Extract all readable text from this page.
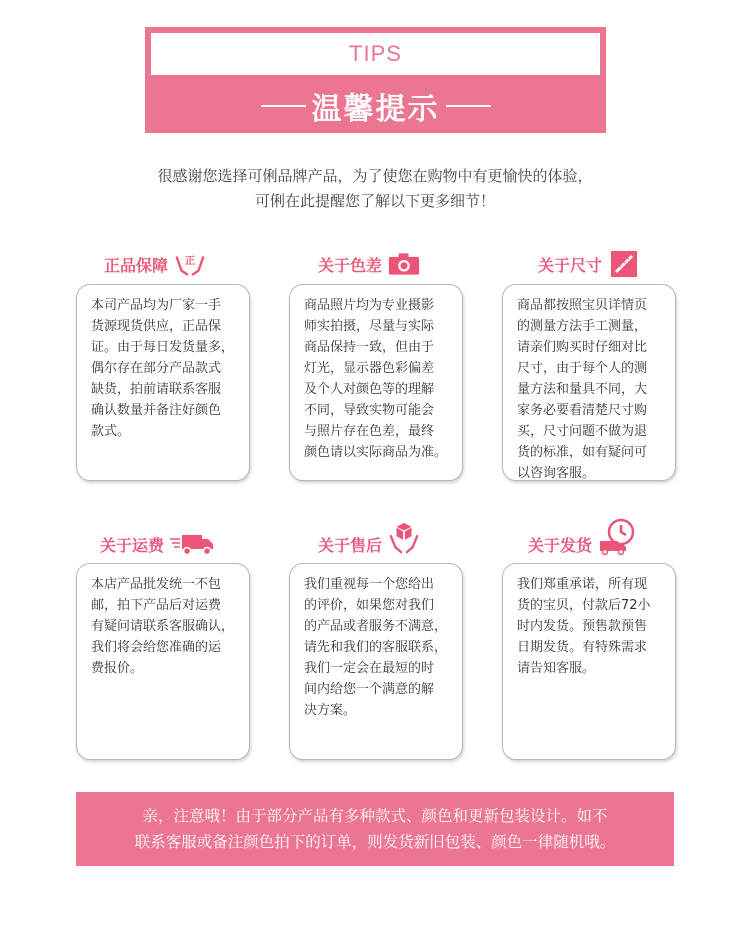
TIPS
温馨提示
很感谢您选择可俐品牌产品，为了使您在购物中有更愉快的体验，
可俐在此提醒您了解以下更多细节！
正品保障 正
本司产品均为厂家一手
货源现货供应，正品保
证。由于每日发货量多，
偶尔存在部分产品款式
缺货，拍前请联系客服
确认数量并备注好颜色
款式。
关于色差
商品照片均为专业摄影
师实拍摄，尽量与实际
商品保持一致，但由于
灯光，显示器色彩偏差
及个人对颜色等的理解
不同，导致实物可能会
与照片存在色差，最终
颜色请以实际商品为准。
关于尺寸
商品都按照宝贝详情页
的测量方法手工测量，
请亲们购买时仔细对比
尺寸，由于每个人的测
量方法和量具不同，大
家务必要看清楚尺寸购
买，尺寸问题不做为退
货的标准，如有疑问可
以咨询客服。
关于运费
本店产品批发统一不包
邮，拍下产品后对运费
有疑问请联系客服确认，
我们将会给您准确的运
费报价。
关于售后
我们重视每一个您给出
的评价，如果您对我们
的产品或者服务不满意，
请先和我们的客服联系，
我们一定会在最短的时
间内给您一个满意的解
决方案。
关于发货
我们郑重承诺，所有现
货的宝贝，付款后72小
时内发货。预售款预售
日期发货。有特殊需求
请告知客服。
亲，注意哦！由于部分产品有多种款式、颜色和更新包装设计。如不
联系客服或备注颜色拍下的订单，则发货新旧包装、颜色一律随机哦。
